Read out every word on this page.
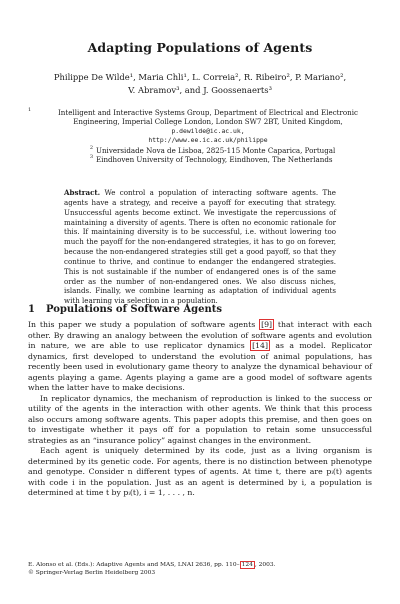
Adapting Populations of Agents
Philippe De Wilde¹, Maria Chli¹, L. Correia², R. Ribeiro², P. Mariano²,
V. Abramov³, and J. Goossenaerts³
1	Intelligent and Interactive Systems Group, Department of Electrical and Electronic
Engineering, Imperial College London, London SW7 2BT, United Kingdom,
p.dewilde@ic.ac.uk,
http://www.ee.ic.ac.uk/philippe
2 Universidade Nova de Lisboa, 2825-115 Monte Caparica, Portugal
3 Eindhoven University of Technology, Eindhoven, The Netherlands
Abstract. We control a population of interacting software agents. The agents have a strategy, and receive a payoff for executing that strategy. Unsuccessful agents become extinct. We investigate the repercussions of maintaining a diversity of agents. There is often no economic rationale for this. If maintaining diversity is to be successful, i.e. without lowering too much the payoff for the non-endangered strategies, it has to go on forever, because the non-endangered strategies still get a good payoff, so that they continue to thrive, and continue to endanger the endangered strategies. This is not sustainable if the number of endangered ones is of the same order as the number of non-endangered ones. We also discuss niches, islands. Finally, we combine learning as adaptation of individual agents with learning via selection in a population.
1 Populations of Software Agents

In this paper we study a population of software agents [9] that interact with each other. By drawing an analogy between the evolution of software agents and evolution in nature, we are able to use replicator dynamics [14] as a model. Replicator dynamics, first developed to understand the evolution of animal populations, has recently been used in evolutionary game theory to analyze the dynamical behaviour of agents playing a game. Agents playing a game are a good model of software agents when the latter have to make decisions.

In replicator dynamics, the mechanism of reproduction is linked to the success or utility of the agents in the interaction with other agents. We think that this process also occurs among software agents. This paper adopts this premise, and then goes on to investigate whether it pays off for a population to retain some unsuccessful strategies as an “insurance policy” against changes in the environment.

Each agent is uniquely determined by its code, just as a living organism is determined by its genetic code. For agents, there is no distinction between phenotype and genotype. Consider n different types of agents. At time t, there are pᵢ(t) agents with code i in the population. Just as an agent is determined by i, a population is determined at time t by pᵢ(t), i = 1, . . . , n.

E. Alonso et al. (Eds.): Adaptive Agents and MAS, LNAI 2636, pp. 110– 124 , 2003.
© Springer-Verlag Berlin Heidelberg 2003
